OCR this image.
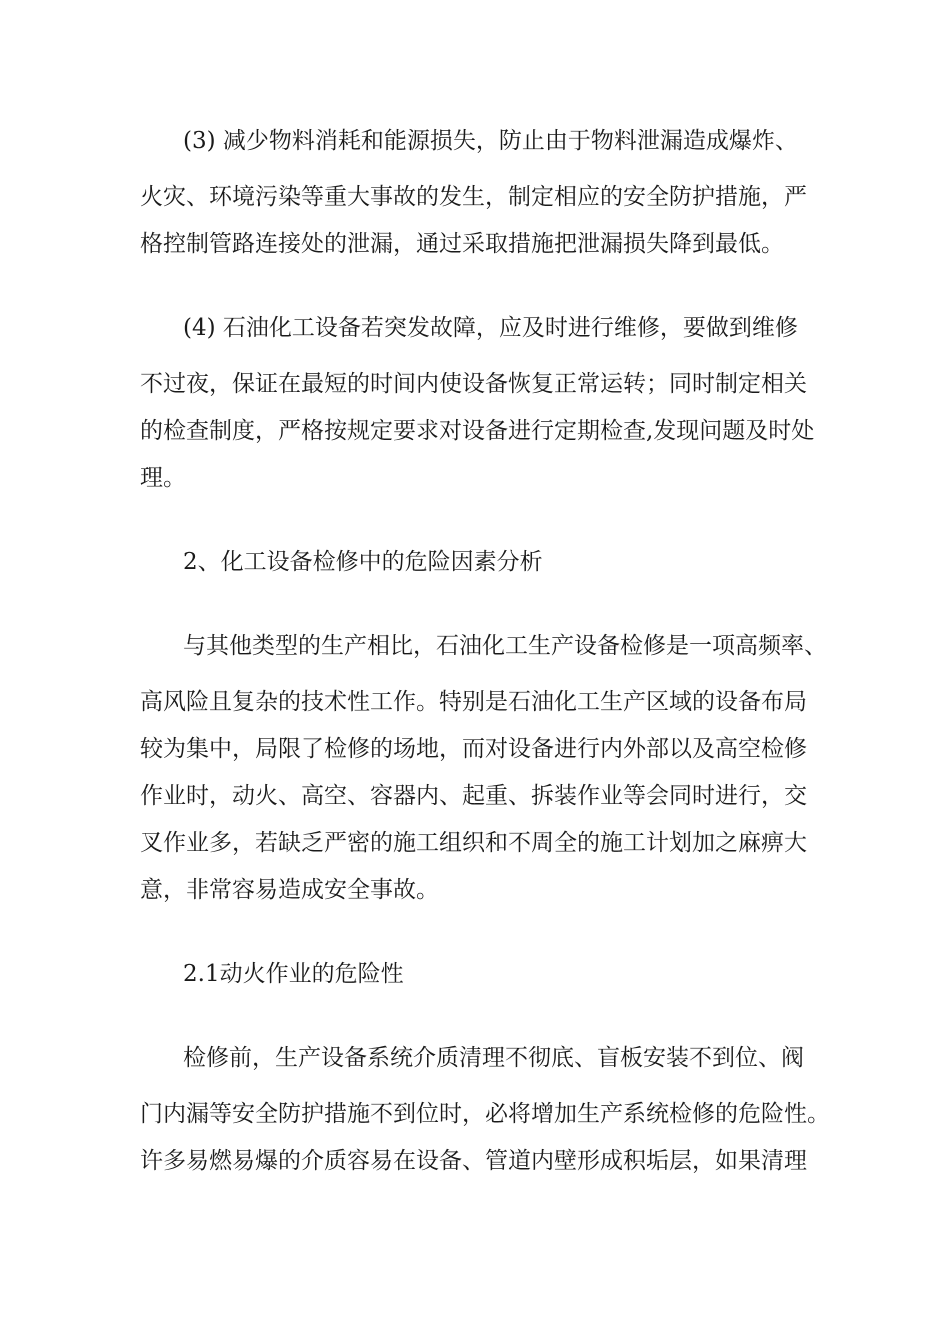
(3) 减少物料消耗和能源损失，防止由于物料泄漏造成爆炸、
火灾、环境污染等重大事故的发生，制定相应的安全防护措施，严
格控制管路连接处的泄漏，通过采取措施把泄漏损失降到最低。
(4) 石油化工设备若突发故障，应及时进行维修，要做到维修
不过夜，保证在最短的时间内使设备恢复正常运转；同时制定相关
的检查制度，严格按规定要求对设备进行定期检查,发现问题及时处
理。
2、化工设备检修中的危险因素分析
与其他类型的生产相比，石油化工生产设备检修是一项高频率、
高风险且复杂的技术性工作。特别是石油化工生产区域的设备布局
较为集中，局限了检修的场地，而对设备进行内外部以及高空检修
作业时，动火、高空、容器内、起重、拆装作业等会同时进行，交
叉作业多，若缺乏严密的施工组织和不周全的施工计划加之麻痹大
意，非常容易造成安全事故。
2.1动火作业的危险性
检修前，生产设备系统介质清理不彻底、盲板安装不到位、阀
门内漏等安全防护措施不到位时，必将增加生产系统检修的危险性。
许多易燃易爆的介质容易在设备、管道内壁形成积垢层，如果清理
